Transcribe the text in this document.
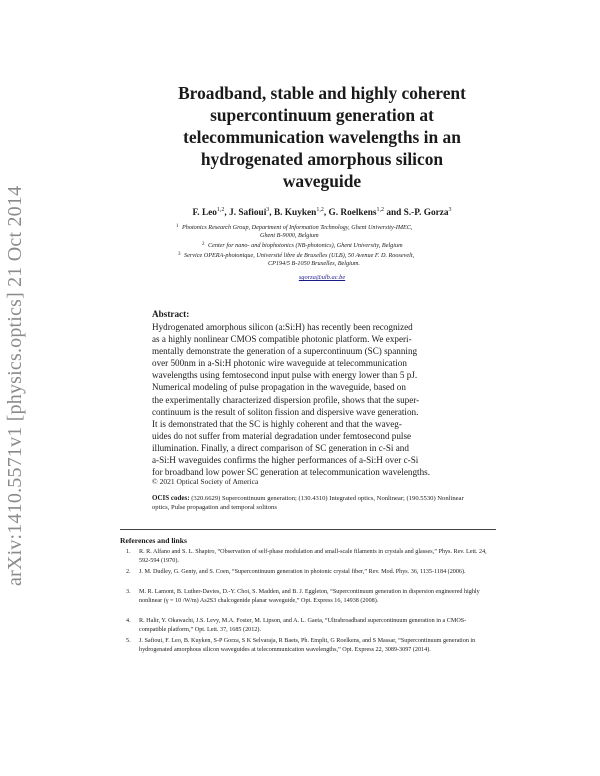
arXiv:1410.5571v1 [physics.optics] 21 Oct 2014
Broadband, stable and highly coherent
supercontinuum generation at
telecommunication wavelengths in an
hydrogenated amorphous silicon
waveguide
F. Leo$^{1,2}$, J. Safioui$^3$, B. Kuyken$^{1,2}$, G. Roelkens$^{1,2}$ and S.-P. Gorza$^3$
1 Photonics Research Group, Department of Information Technology, Ghent University-IMEC,
Ghent B-9000, Belgium
2 Center for nano- and biophotonics (NB-photonics), Ghent University, Belgium
3 Service OPERA-photonique, Université libre de Bruxelles (ULB), 50 Avenue F. D. Roosevelt,
CP194/5 B-1050 Bruxelles, Belgium.
sgorza@ulb.ac.be
Abstract:
Hydrogenated amorphous silicon (a:Si:H) has recently been recognized
as a highly nonlinear CMOS compatible photonic platform. We experi-
mentally demonstrate the generation of a supercontinuum (SC) spanning
over 500nm in a-Si:H photonic wire waveguide at telecommunication
wavelengths using femtosecond input pulse with energy lower than 5 pJ.
Numerical modeling of pulse propagation in the waveguide, based on
the experimentally characterized dispersion profile, shows that the super-
continuum is the result of soliton fission and dispersive wave generation.
It is demonstrated that the SC is highly coherent and that the waveg-
uides do not suffer from material degradation under femtosecond pulse
illumination. Finally, a direct comparison of SC generation in c-Si and
a-Si:H waveguides confirms the higher performances of a-Si:H over c-Si
for broadband low power SC generation at telecommunication wavelengths.
© 2021 Optical Society of America
OCIS codes: (320.6629) Supercontinuum generation; (130.4310) Integrated optics, Nonlinear; (190.5530) Nonlinear optics, Pulse propagation and temporal solitons
References and links
1. R. R. Alfano and S. L. Shapiro, “Observation of self-phase modulation and small-scale filaments in crystals and glasses,” Phys. Rev. Lett. 24, 592-594 (1970).
2. J. M. Dudley, G. Genty, and S. Coen, “Supercontinuum generation in photonic crystal fiber,” Rev. Mod. Phys. 36, 1135-1184 (2006).
3. M. R. Lamont, B. Luther-Davies, D.-Y. Choi, S. Madden, and B. J. Eggleton, “Supercontinuum generation in dispersion engineered highly nonlinear (γ = 10 /W/m) As2S3 chalcogenide planar waveguide,” Opt. Express 16, 14938 (2008).
4. R. Halir, Y. Okawachi, J.S. Levy, M.A. Foster, M. Lipson, and A. L. Gaeta, “Ultrabroadband supercontinuum generation in a CMOS-compatible platform,” Opt. Lett. 37, 1685 (2012).
5. J. Safioui, F. Leo, B. Kuyken, S-P Gorza, S K Selvaraja, R Baets, Ph. Emplit, G Roelkens, and S Massar, “Supercontinuum generation in hydrogenated amorphous silicon waveguides at telecommunication wavelengths,” Opt. Express 22, 3089-3097 (2014).
